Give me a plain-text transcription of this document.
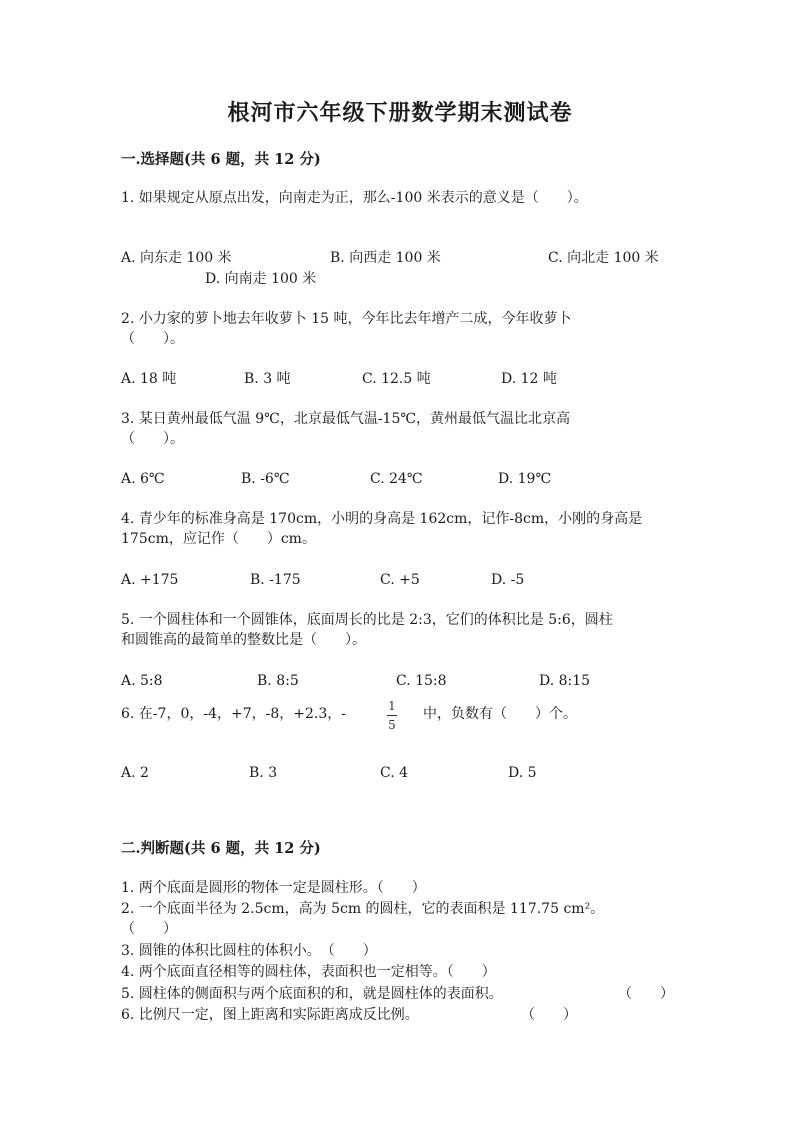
根河市六年级下册数学期末测试卷
一.选择题(共 6 题，共 12 分)
1. 如果规定从原点出发，向南走为正，那么-100 米表示的意义是（　　）。
A. 向东走 100 米	B. 向西走 100 米	C. 向北走 100 米
D. 向南走 100 米
2. 小力家的萝卜地去年收萝卜 15 吨，今年比去年增产二成，今年收萝卜
（　　）。
A. 18 吨	B. 3 吨	C. 12.5 吨	D. 12 吨
3. 某日黄州最低气温 9℃，北京最低气温-15℃，黄州最低气温比北京高
（　　）。
A. 6℃	B. -6℃	C. 24℃	D. 19℃
4. 青少年的标准身高是 170cm，小明的身高是 162cm，记作-8cm，小刚的身高是
175cm，应记作（　　）cm。
A. +175	B. -175	C. +5	D. -5
5. 一个圆柱体和一个圆锥体，底面周长的比是 2:3，它们的体积比是 5:6，圆柱
和圆锥高的最简单的整数比是（　　）。
A. 5:8	B. 8:5	C. 15:8	D. 8:15
6. 在-7，0，-4，+7，-8，+2.3，-	1
5
中，负数有（　　）个。
A. 2	B. 3	C. 4	D. 5
二.判断题(共 6 题，共 12 分)
1. 两个底面是圆形的物体一定是圆柱形。（　　）
2. 一个底面半径为 2.5cm，高为 5cm 的圆柱，它的表面积是 117.75 cm²。
（　　）
3. 圆锥的体积比圆柱的体积小。　（　　）
4. 两个底面直径相等的圆柱体，表面积也一定相等。（　　）
5. 圆柱体的侧面积与两个底面积的和，就是圆柱体的表面积。	（　　）
6. 比例尺一定，图上距离和实际距离成反比例。	（　　）
